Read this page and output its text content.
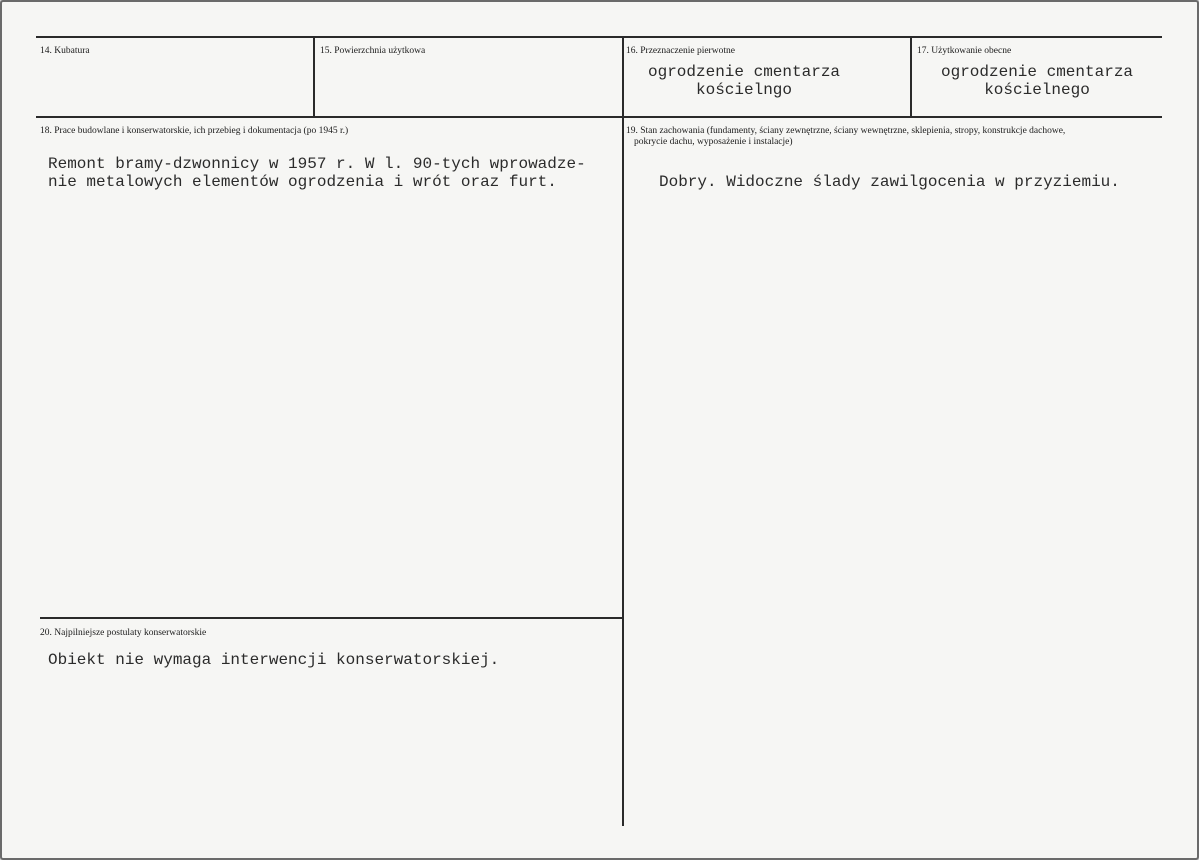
14. Kubatura	15. Powierzchnia użytkowa	16. Przeznaczenie pierwotne
ogrodzenie cmentarza
kościelngo
17. Użytkowanie obecne
ogrodzenie cmentarza
kościelnego
18. Prace budowlane i konserwatorskie, ich przebieg i dokumentacja (po 1945 r.)
Remont bramy-dzwonnicy w 1957 r. W l. 90-tych wprowadze-
nie metalowych elementów ogrodzenia i wrót oraz furt.
19. Stan zachowania (fundamenty, ściany zewnętrzne, ściany wewnętrzne, sklepienia, stropy, konstrukcje dachowe,
pokrycie dachu, wyposażenie i instalacje)
Dobry. Widoczne ślady zawilgocenia w przyziemiu.
20. Najpilniejsze postulaty konserwatorskie
Obiekt nie wymaga interwencji konserwatorskiej.
